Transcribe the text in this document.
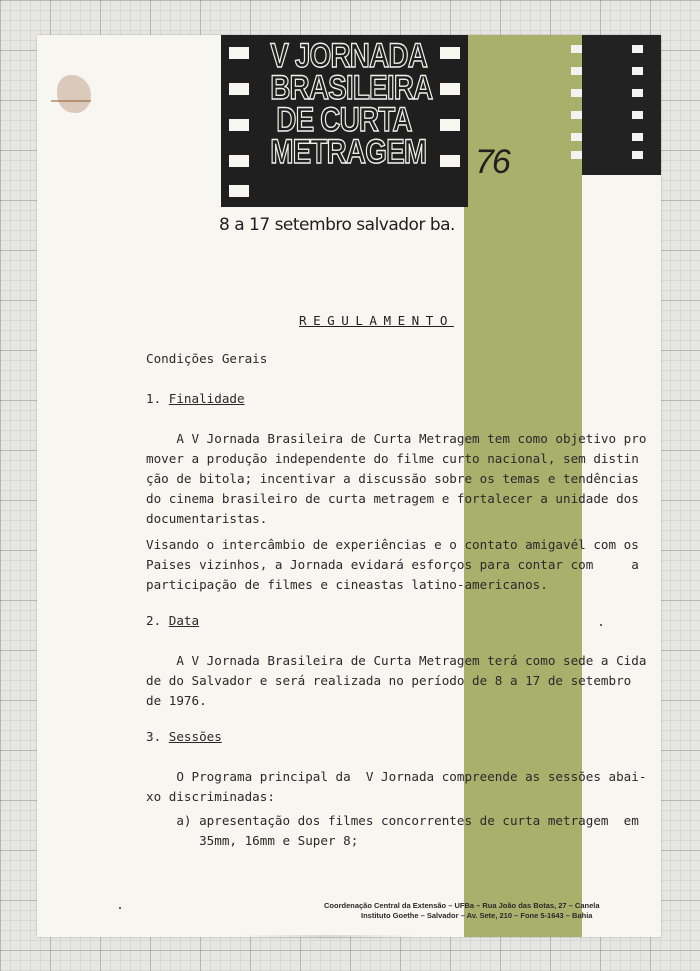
V JORNADA
BRASILEIRA
DE CURTA
METRAGEM 76
8 a 17 setembro salvador ba.
REGULAMENTO
Condições Gerais
1. Finalidade
A V Jornada Brasileira de Curta Metragem tem como objetivo pro
mover a produção independente do filme curto nacional, sem distin
ção de bitola; incentivar a discussão sobre os temas e tendências
do cinema brasileiro de curta metragem e fortalecer a unidade dos
documentaristas.
Visando o intercâmbio de experiências e o contato amigavél com os
Paises vizinhos, a Jornada evidará esforços para contar com     a
participação de filmes e cineastas latino-americanos.
2. Data
A V Jornada Brasileira de Curta Metragem terá como sede a Cida
de do Salvador e será realizada no período de 8 a 17 de setembro
de 1976.
3. Sessões
O Programa principal da  V Jornada compreende as sessões abai-
xo discriminadas:
a) apresentação dos filmes concorrentes de curta metragem  em
35mm, 16mm e Super 8;
Coordenação Central da Extensão – UFBa – Rua João das Botas, 27 – Canela
Instituto Goethe – Salvador – Av. Sete, 210 – Fone 5-1643 – Bahia
